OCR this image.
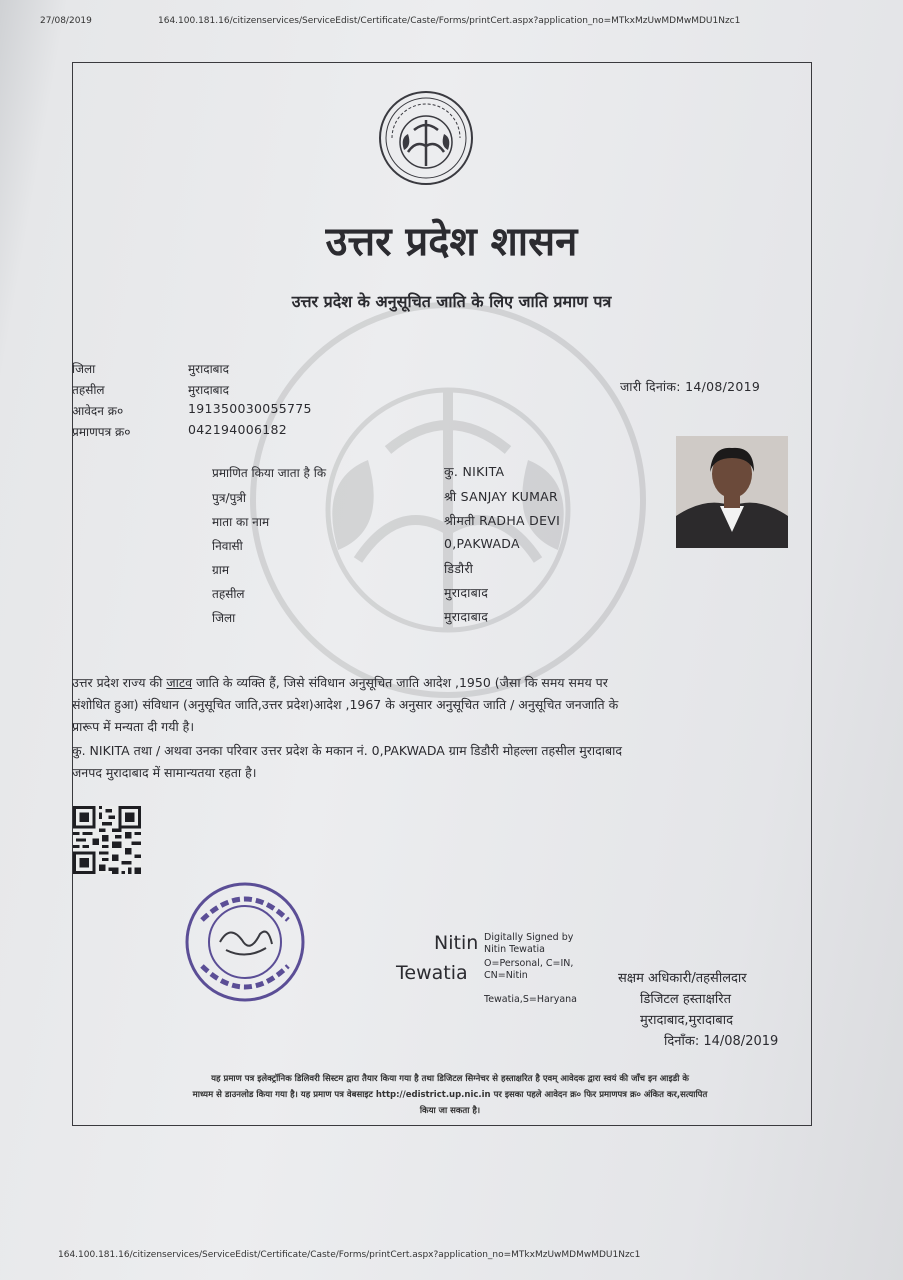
27/08/2019	164.100.181.16/citizenservices/ServiceEdist/Certificate/Caste/Forms/printCert.aspx?application_no=MTkxMzUwMDMwMDU1Nzc1
उत्तर प्रदेश शासन
उत्तर प्रदेश के अनुसूचित जाति के लिए जाति प्रमाण पत्र
जिला	मुरादाबाद
तहसील	मुरादाबाद
आवेदन क्र०	191350030055775
प्रमाणपत्र क्र०	042194006182
जारी दिनांक: 14/08/2019
प्रमाणित किया जाता है कि	कु. NIKITA
पुत्र/पुत्री	श्री SANJAY KUMAR
माता का नाम	श्रीमती RADHA DEVI
निवासी	0,PAKWADA
ग्राम	डिडौरी
तहसील	मुरादाबाद
जिला	मुरादाबाद
उत्तर प्रदेश राज्य की जाटव जाति के व्यक्ति हैं, जिसे संविधान अनुसूचित जाति आदेश ,1950 (जैसा कि समय समय पर
संशोधित हुआ) संविधान (अनुसूचित जाति,उत्तर प्रदेश)आदेश ,1967 के अनुसार अनुसूचित जाति / अनुसूचित जनजाति के
प्रारूप में मन्यता दी गयी है।
कु. NIKITA तथा / अथवा उनका परिवार उत्तर प्रदेश के मकान नं. 0,PAKWADA ग्राम डिडौरी मोहल्ला तहसील मुरादाबाद
जनपद मुरादाबाद में सामान्यतया रहता है।
Nitin
Tewatia
Digitally Signed by
Nitin Tewatia
O=Personal, C=IN,
CN=Nitin
Tewatia,S=Haryana
सक्षम अधिकारी/तहसीलदार
डिजिटल हस्ताक्षरित
मुरादाबाद,मुरादाबाद
दिनाँक: 14/08/2019
यह प्रमाण पत्र इलेक्ट्रॉनिक डिलिवरी सिस्टम द्वारा तैयार किया गया है तथा डिजिटल सिग्नेचर से हस्ताक्षरित है एवम् आवेदक द्वारा स्वयं की जाँच इन आइडी के
माध्यम से डाउनलोड किया गया है। यह प्रमाण पत्र वेबसाइट http://edistrict.up.nic.in पर इसका पहले आवेदन क्र० फिर प्रमाणपत्र क्र० अंकित कर,सत्यापित
किया जा सकता है।
164.100.181.16/citizenservices/ServiceEdist/Certificate/Caste/Forms/printCert.aspx?application_no=MTkxMzUwMDMwMDU1Nzc1
